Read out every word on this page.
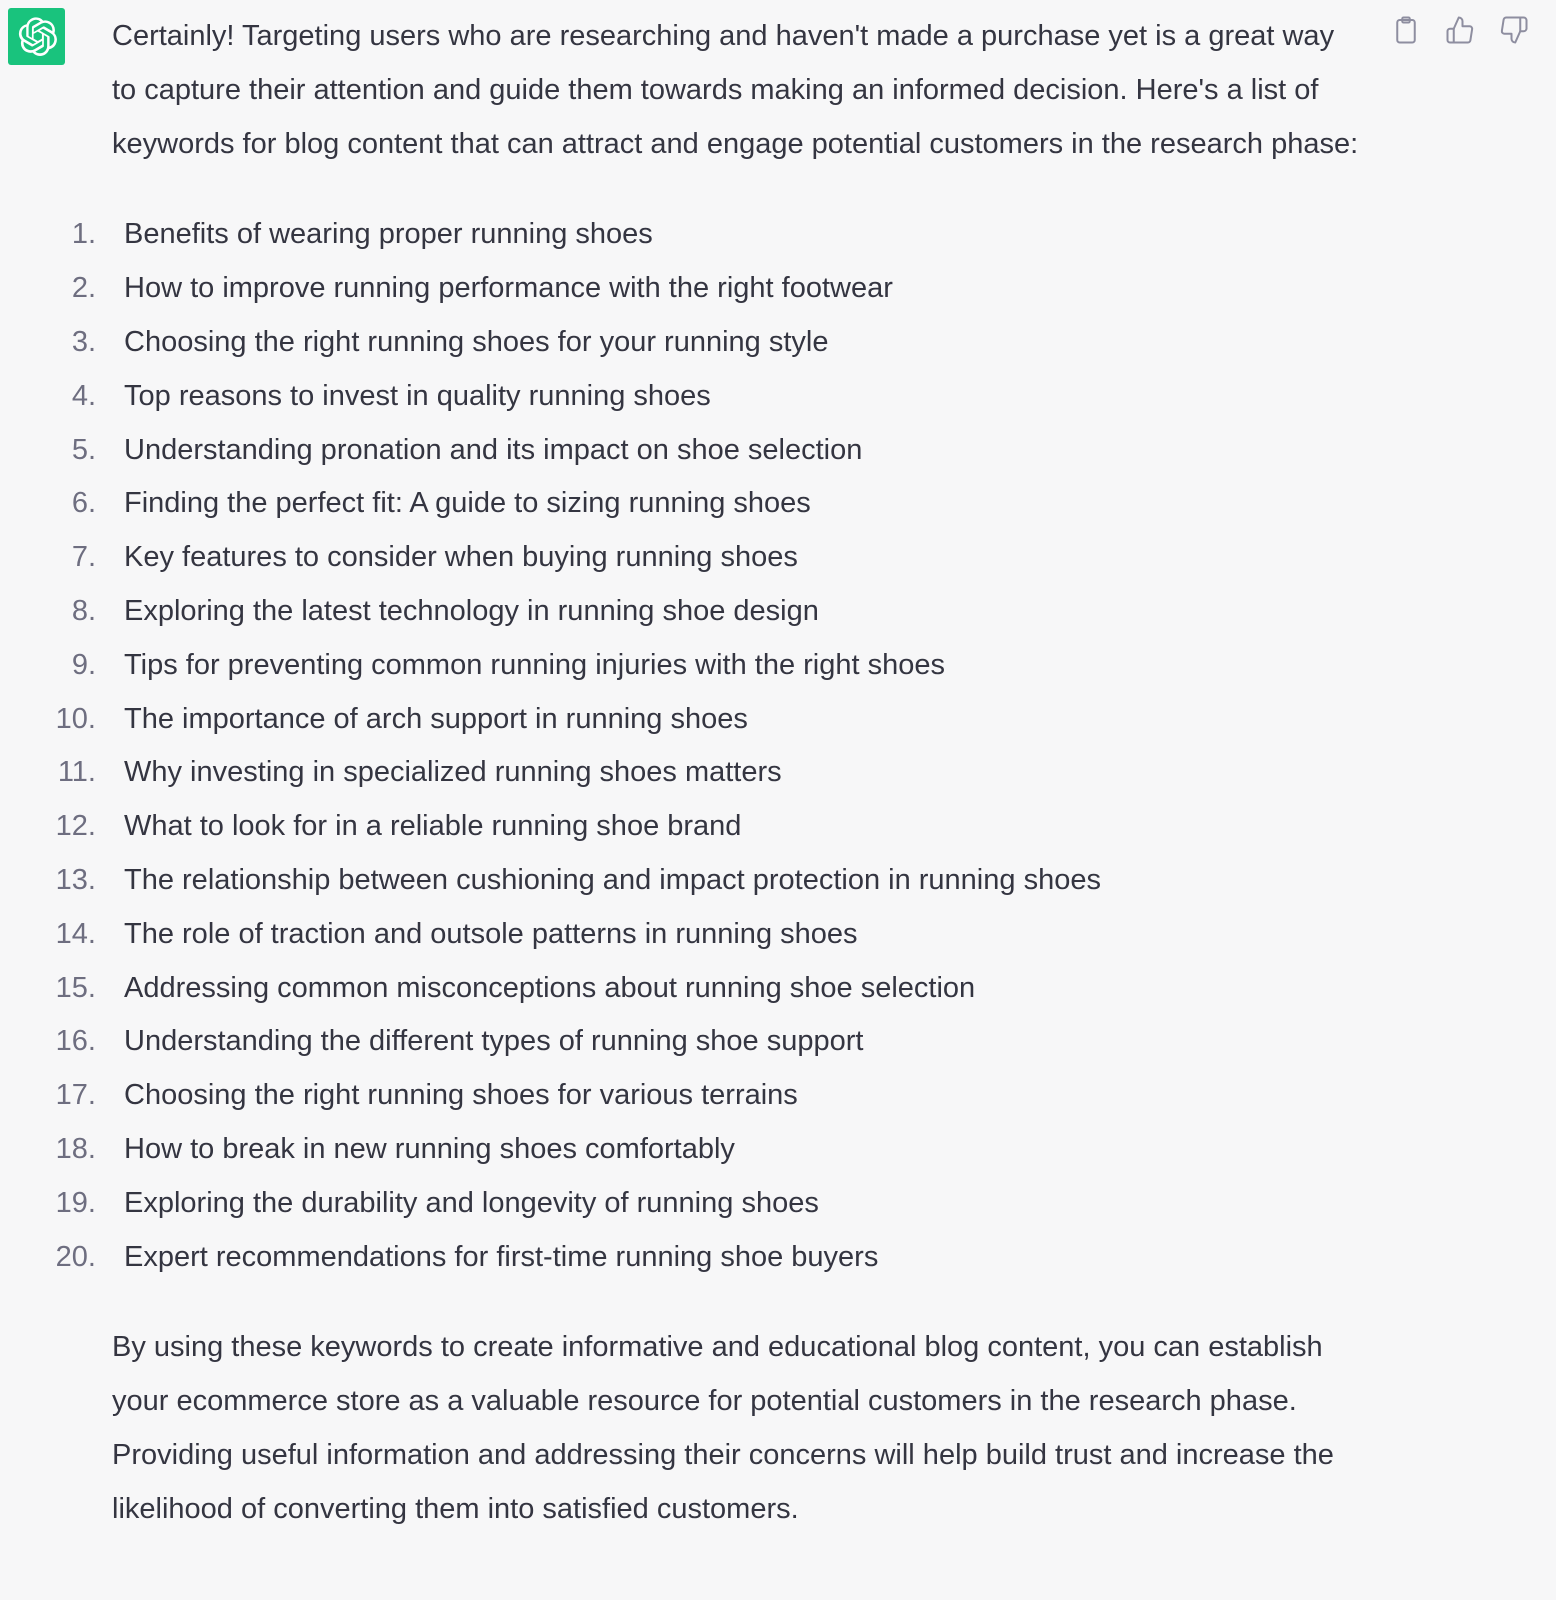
Certainly! Targeting users who are researching and haven't made a purchase yet is a great way to capture their attention and guide them towards making an informed decision. Here's a list of keywords for blog content that can attract and engage potential customers in the research phase:

1. Benefits of wearing proper running shoes
2. How to improve running performance with the right footwear
3. Choosing the right running shoes for your running style
4. Top reasons to invest in quality running shoes
5. Understanding pronation and its impact on shoe selection
6. Finding the perfect fit: A guide to sizing running shoes
7. Key features to consider when buying running shoes
8. Exploring the latest technology in running shoe design
9. Tips for preventing common running injuries with the right shoes
10. The importance of arch support in running shoes
11. Why investing in specialized running shoes matters
12. What to look for in a reliable running shoe brand
13. The relationship between cushioning and impact protection in running shoes
14. The role of traction and outsole patterns in running shoes
15. Addressing common misconceptions about running shoe selection
16. Understanding the different types of running shoe support
17. Choosing the right running shoes for various terrains
18. How to break in new running shoes comfortably
19. Exploring the durability and longevity of running shoes
20. Expert recommendations for first-time running shoe buyers

By using these keywords to create informative and educational blog content, you can establish your ecommerce store as a valuable resource for potential customers in the research phase. Providing useful information and addressing their concerns will help build trust and increase the likelihood of converting them into satisfied customers.
